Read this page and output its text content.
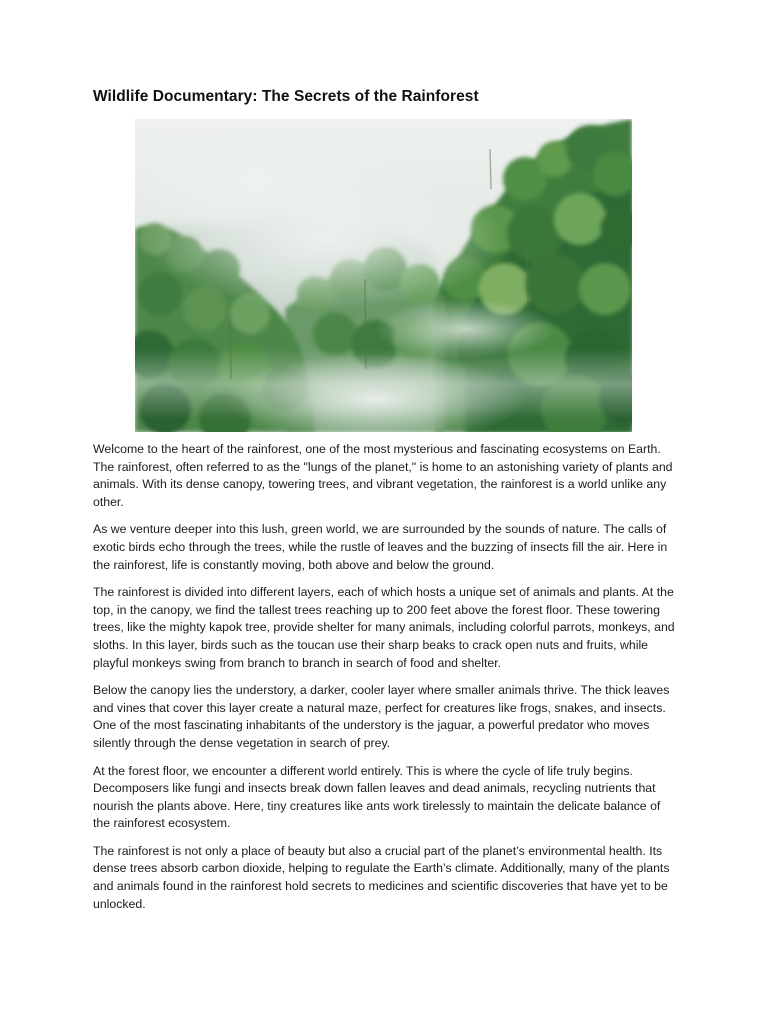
Wildlife Documentary: The Secrets of the Rainforest

Welcome to the heart of the rainforest, one of the most mysterious and fascinating ecosystems on Earth. The rainforest, often referred to as the "lungs of the planet," is home to an astonishing variety of plants and animals. With its dense canopy, towering trees, and vibrant vegetation, the rainforest is a world unlike any other.

As we venture deeper into this lush, green world, we are surrounded by the sounds of nature. The calls of exotic birds echo through the trees, while the rustle of leaves and the buzzing of insects fill the air. Here in the rainforest, life is constantly moving, both above and below the ground.

The rainforest is divided into different layers, each of which hosts a unique set of animals and plants. At the top, in the canopy, we find the tallest trees reaching up to 200 feet above the forest floor. These towering trees, like the mighty kapok tree, provide shelter for many animals, including colorful parrots, monkeys, and sloths. In this layer, birds such as the toucan use their sharp beaks to crack open nuts and fruits, while playful monkeys swing from branch to branch in search of food and shelter.

Below the canopy lies the understory, a darker, cooler layer where smaller animals thrive. The thick leaves and vines that cover this layer create a natural maze, perfect for creatures like frogs, snakes, and insects. One of the most fascinating inhabitants of the understory is the jaguar, a powerful predator who moves silently through the dense vegetation in search of prey.

At the forest floor, we encounter a different world entirely. This is where the cycle of life truly begins. Decomposers like fungi and insects break down fallen leaves and dead animals, recycling nutrients that nourish the plants above. Here, tiny creatures like ants work tirelessly to maintain the delicate balance of the rainforest ecosystem.

The rainforest is not only a place of beauty but also a crucial part of the planet’s environmental health. Its dense trees absorb carbon dioxide, helping to regulate the Earth’s climate. Additionally, many of the plants and animals found in the rainforest hold secrets to medicines and scientific discoveries that have yet to be unlocked.
